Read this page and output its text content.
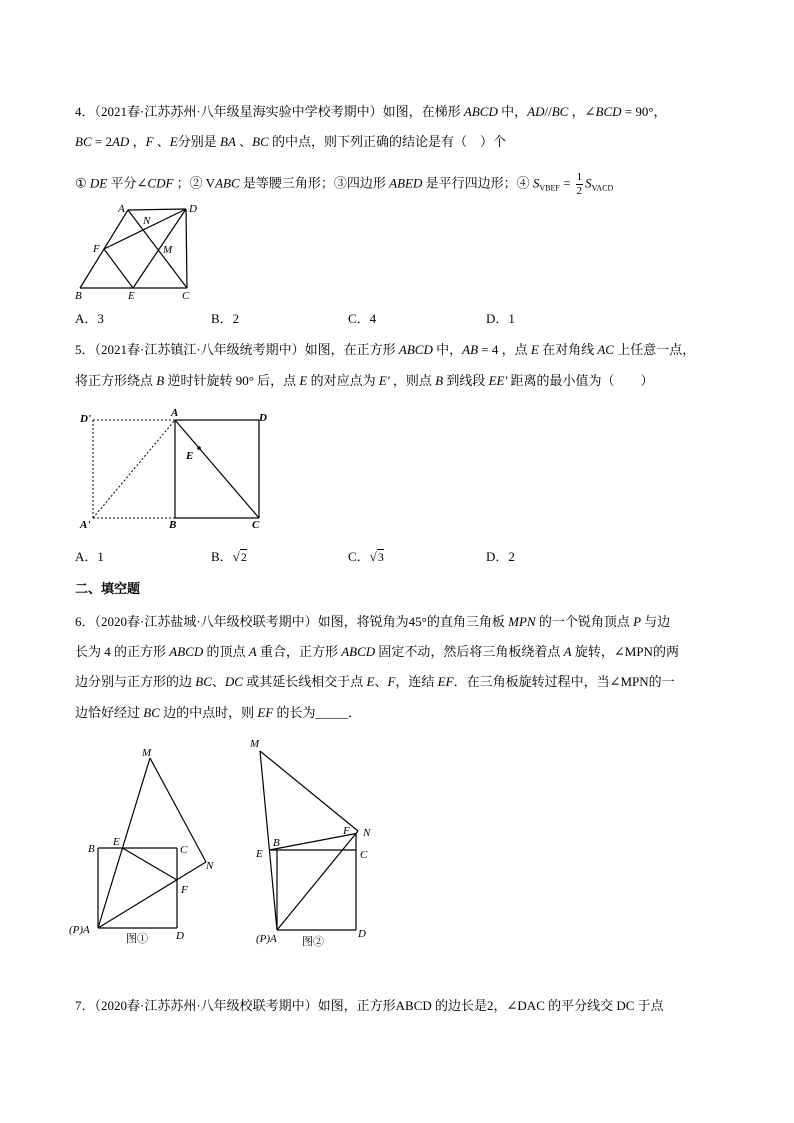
4．（2021春·江苏苏州·八年级星海实验中学校考期中）如图，在梯形 ABCD 中，AD//BC ，∠BCD = 90°，
BC = 2AD ，F 、E分别是 BA 、BC 的中点，则下列正确的结论是有（　）个
① DE 平分∠CDF ；② VABC 是等腰三角形；③四边形 ABED 是平行四边形；④ $S_{VBEF} = \frac{1}{2} S_{VACD}$
A．3	B．2	C．4	D．1
5．（2021春·江苏镇江·八年级统考期中）如图，在正方形 ABCD 中，AB = 4 ，点 E 在对角线 AC 上任意一点，
将正方形绕点 B 逆时针旋转 90° 后，点 E 的对应点为 E' ，则点 B 到线段 EE' 距离的最小值为（　　）
A．1	B．√2	C．√3	D．2
二、填空题
6．（2020春·江苏盐城·八年级校联考期中）如图，将锐角为45°的直角三角板 MPN 的一个锐角顶点 P 与边
长为 4 的正方形 ABCD 的顶点 A 重合，正方形 ABCD 固定不动，然后将三角板绕着点 A 旋转，∠MPN的两
边分别与正方形的边 BC、DC 或其延长线相交于点 E、F，连结 EF．在三角板旋转过程中，当∠MPN的一
边恰好经过 BC 边的中点时，则 EF 的长为_____．
7．（2020春·江苏苏州·八年级校联考期中）如图，正方形ABCD 的边长是2，∠DAC 的平分线交 DC 于点
A
N
D
F	M
B	E	C
D'	A	D
E
A'	B	C
M
B
E
C
N
F
(P)A	D
图①
M
N
F
B
E	C
(P)A	D
图②
